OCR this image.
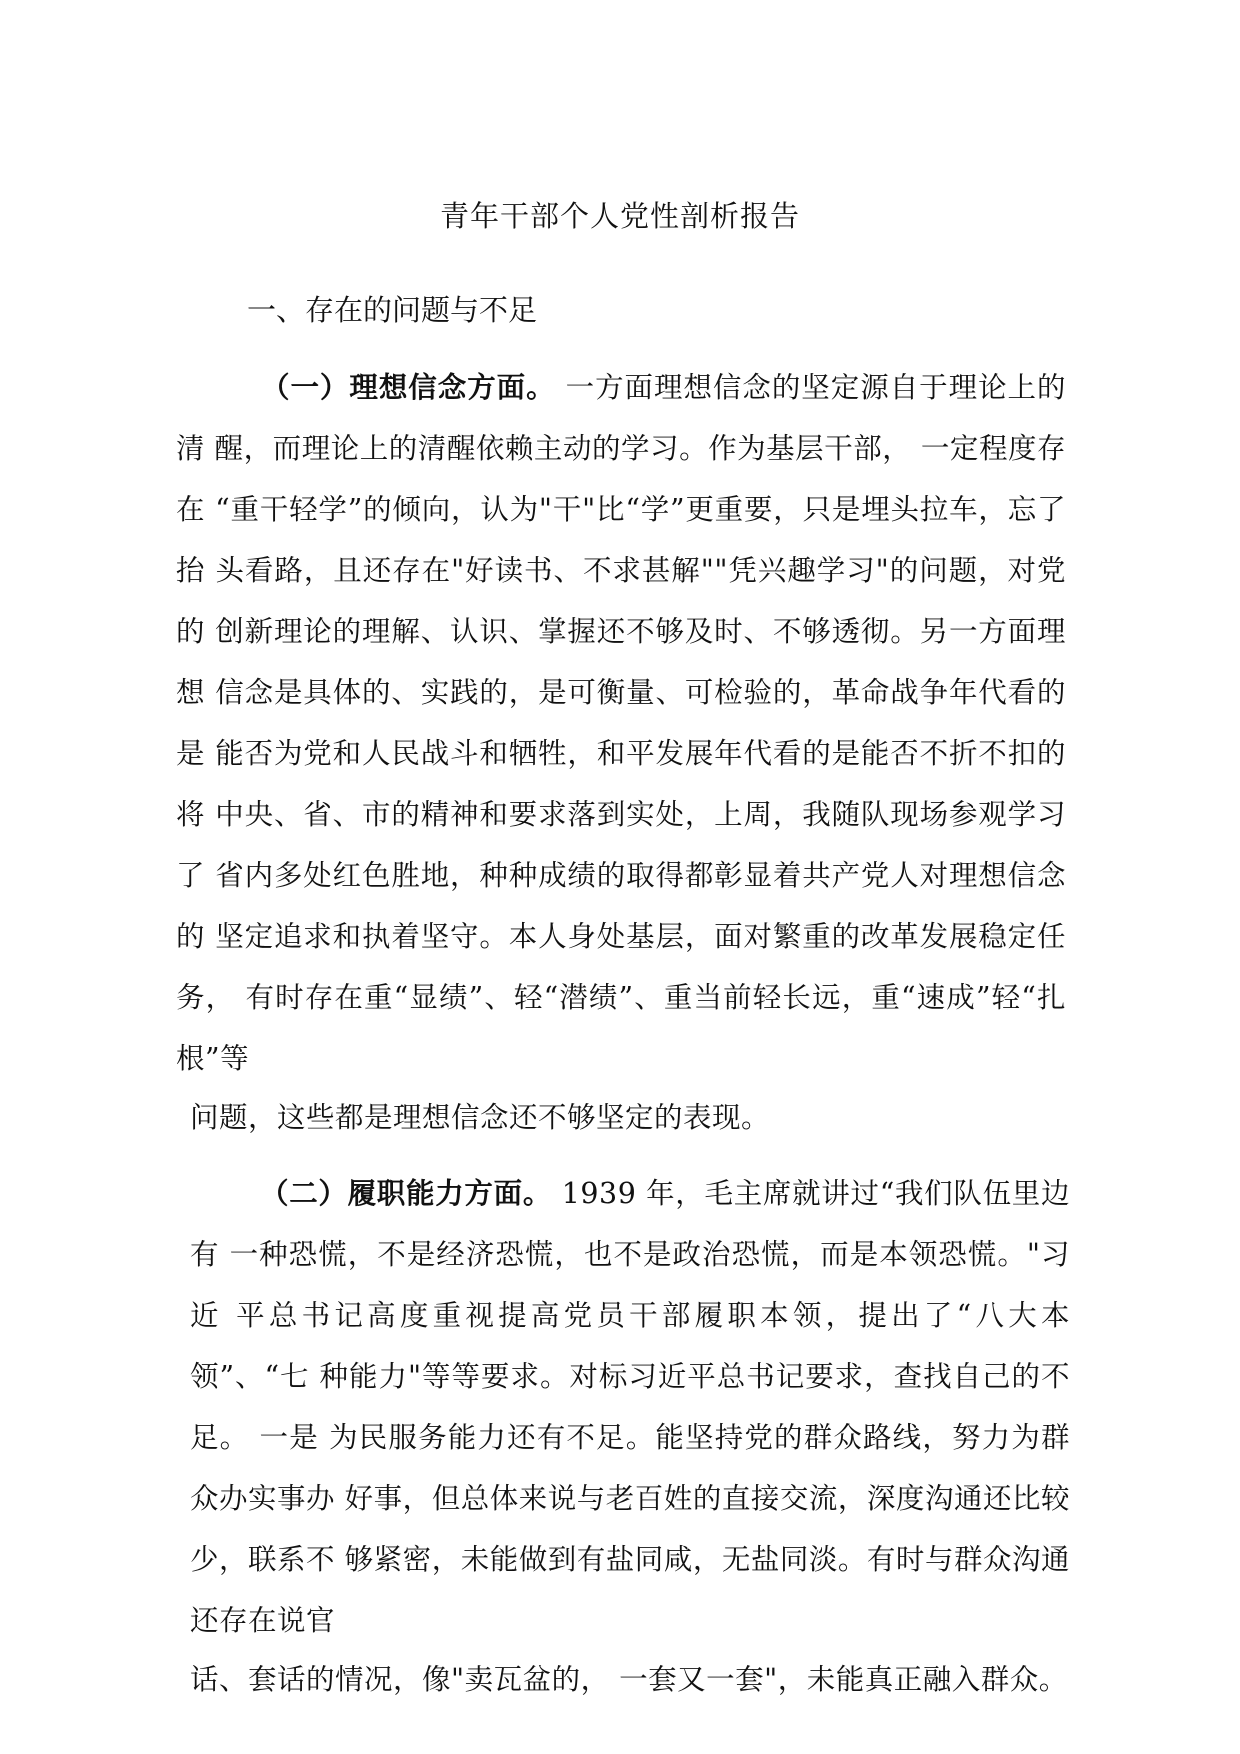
青年干部个人党性剖析报告
一、存在的问题与不足
（一）理想信念方面。 一方面理想信念的坚定源自于理论上的清 醒，而理论上的清醒依赖主动的学习。作为基层干部， 一定程度存在 “重干轻学”的倾向，认为"干"比“学”更重要，只是埋头拉车，忘了抬 头看路，且还存在"好读书、不求甚解""凭兴趣学习"的问题，对党的 创新理论的理解、认识、掌握还不够及时、不够透彻。另一方面理想 信念是具体的、实践的，是可衡量、可检验的，革命战争年代看的是 能否为党和人民战斗和牺牲，和平发展年代看的是能否不折不扣的将 中央、省、市的精神和要求落到实处，上周，我随队现场参观学习了 省内多处红色胜地，种种成绩的取得都彰显着共产党人对理想信念的 坚定追求和执着坚守。本人身处基层，面对繁重的改革发展稳定任务， 有时存在重“显绩”、轻“潜绩”、重当前轻长远，重“速成”轻“扎根”等
问题，这些都是理想信念还不够坚定的表现。
（二）履职能力方面。 1939 年，毛主席就讲过“我们队伍里边有 一种恐慌，不是经济恐慌，也不是政治恐慌，而是本领恐慌。"习近 平总书记高度重视提高党员干部履职本领，提出了“八大本领”、“七 种能力"等等要求。对标习近平总书记要求，查找自己的不足。 一是 为民服务能力还有不足。能坚持党的群众路线，努力为群众办实事办 好事，但总体来说与老百姓的直接交流，深度沟通还比较少，联系不 够紧密，未能做到有盐同咸，无盐同淡。有时与群众沟通还存在说官
话、套话的情况，像"卖瓦盆的， 一套又一套"，未能真正融入群众。
